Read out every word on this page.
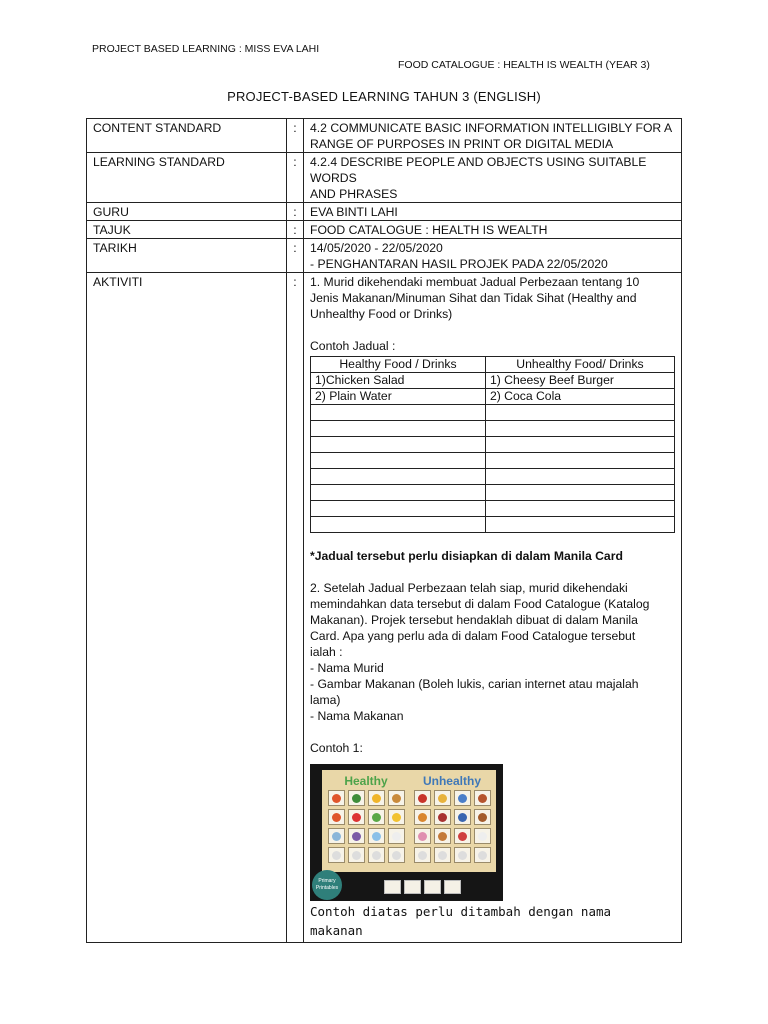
PROJECT BASED LEARNING : MISS EVA LAHI
FOOD CATALOGUE : HEALTH IS WEALTH (YEAR 3)
PROJECT-BASED LEARNING TAHUN 3 (ENGLISH)
CONTENT STANDARD	:	4.2 COMMUNICATE BASIC INFORMATION INTELLIGIBLY FOR A
RANGE OF PURPOSES IN PRINT OR DIGITAL MEDIA

LEARNING STANDARD	:	4.2.4 DESCRIBE PEOPLE AND OBJECTS USING SUITABLE WORDS
AND PHRASES

GURU	:	EVA BINTI LAHI
TAJUK	:	FOOD CATALOGUE : HEALTH IS WEALTH
TARIKH	:	14/05/2020 - 22/05/2020
- PENGHANTARAN HASIL PROJEK PADA 22/05/2020

AKTIVITI	:	1. Murid dikehendaki membuat Jadual Perbezaan tentang 10
Jenis Makanan/Minuman Sihat dan Tidak Sihat (Healthy and
Unhealthy Food or Drinks)
Contoh Jadual :
Healthy Food / Drinks	Unhealthy Food/ Drinks
1)Chicken Salad	1) Cheesy Beef Burger
2) Plain Water	2) Coca Cola

*Jadual tersebut perlu disiapkan di dalam Manila Card
2. Setelah Jadual Perbezaan telah siap, murid dikehendaki
memindahkan data tersebut di dalam Food Catalogue (Katalog
Makanan). Projek tersebut hendaklah dibuat di dalam Manila
Card. Apa yang perlu ada di dalam Food Catalogue tersebut
ialah :
- Nama Murid
- Gambar Makanan (Boleh lukis, carian internet atau majalah
lama)
- Nama Makanan
Contoh 1:
Healthy	Unhealthy
Primary Printables
Contoh diatas perlu ditambah dengan nama
makanan
